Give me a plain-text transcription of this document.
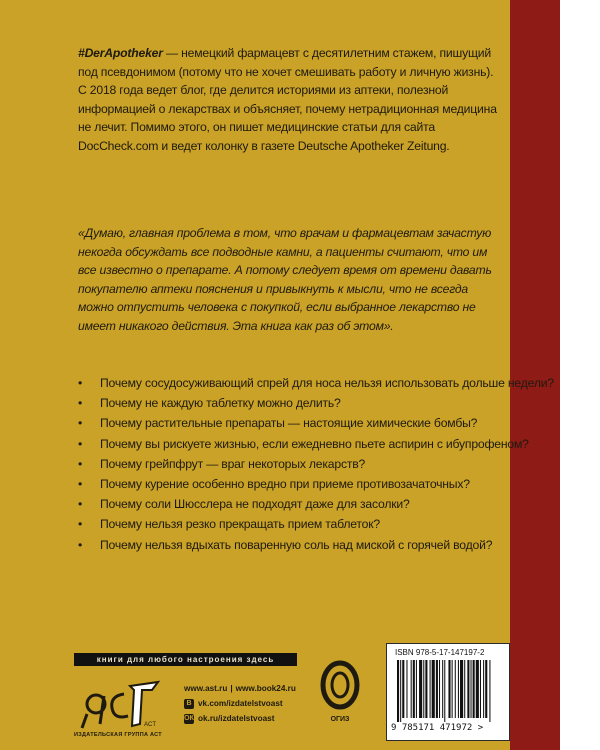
#DerApotheker — немецкий фармацевт с десятилетним стажем, пишущий под псевдонимом (потому что не хочет смешивать работу и личную жизнь). С 2018 года ведет блог, где делится историями из аптеки, полезной информацией о лекарствах и объясняет, почему нетрадиционная медицина не лечит. Помимо этого, он пишет медицинские статьи для сайта DocCheck.com и ведет колонку в газете Deutsche Apotheker Zeitung.

«Думаю, главная проблема в том, что врачам и фармацевтам зачастую некогда обсуждать все подводные камни, а пациенты считают, что им все известно о препарате. А потому следует время от времени давать покупателю аптеки пояснения и привыкнуть к мысли, что не всегда можно отпустить человека с покупкой, если выбранное лекарство не имеет никакого действия. Эта книга как раз об этом».

• Почему сосудосуживающий спрей для носа нельзя использовать дольше недели?
• Почему не каждую таблетку можно делить?
• Почему растительные препараты — настоящие химические бомбы?
• Почему вы рискуете жизнью, если ежедневно пьете аспирин с ибупрофеном?
• Почему грейпфрут — враг некоторых лекарств?
• Почему курение особенно вредно при приеме противозачаточных?
• Почему соли Шюсслера не подходят даже для засолки?
• Почему нельзя резко прекращать прием таблеток?
• Почему нельзя вдыхать поваренную соль над миской с горячей водой?
книги для любого настроения здесь
ACT
ИЗДАТЕЛЬСКАЯ ГРУППА АСТ
www.ast.ru | www.book24.ru
В vk.com/izdatelstvoast
ОК ok.ru/izdatelstvoast	ОГИЗ
ISBN 978-5-17-147197-2
9 785171 471972 >
